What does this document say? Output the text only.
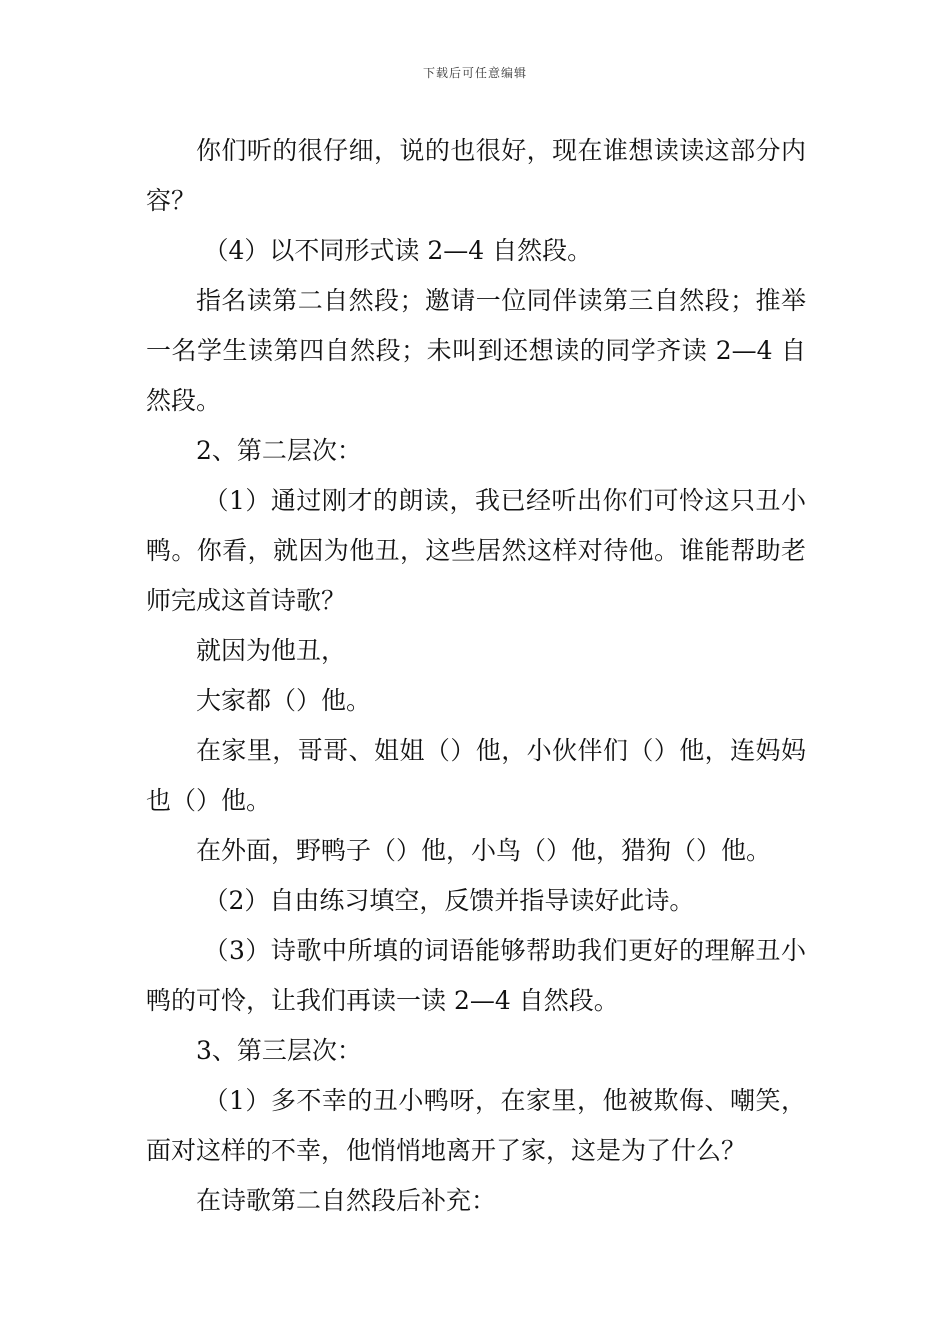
下载后可任意编辑

你们听的很仔细，说的也很好，现在谁想读读这部分内容？

（4）以不同形式读 2—4 自然段。

指名读第二自然段；邀请一位同伴读第三自然段；推举一名学生读第四自然段；未叫到还想读的同学齐读 2—4 自然段。

2、第二层次：

（1）通过刚才的朗读，我已经听出你们可怜这只丑小鸭。你看，就因为他丑，这些居然这样对待他。谁能帮助老师完成这首诗歌？

就因为他丑，

大家都（）他。

在家里，哥哥、姐姐（）他，小伙伴们（）他，连妈妈也（）他。

在外面，野鸭子（）他，小鸟（）他，猎狗（）他。

（2）自由练习填空，反馈并指导读好此诗。

（3）诗歌中所填的词语能够帮助我们更好的理解丑小鸭的可怜，让我们再读一读 2—4 自然段。

3、第三层次：

（1）多不幸的丑小鸭呀，在家里，他被欺侮、嘲笑，面对这样的不幸，他悄悄地离开了家，这是为了什么？

在诗歌第二自然段后补充：
